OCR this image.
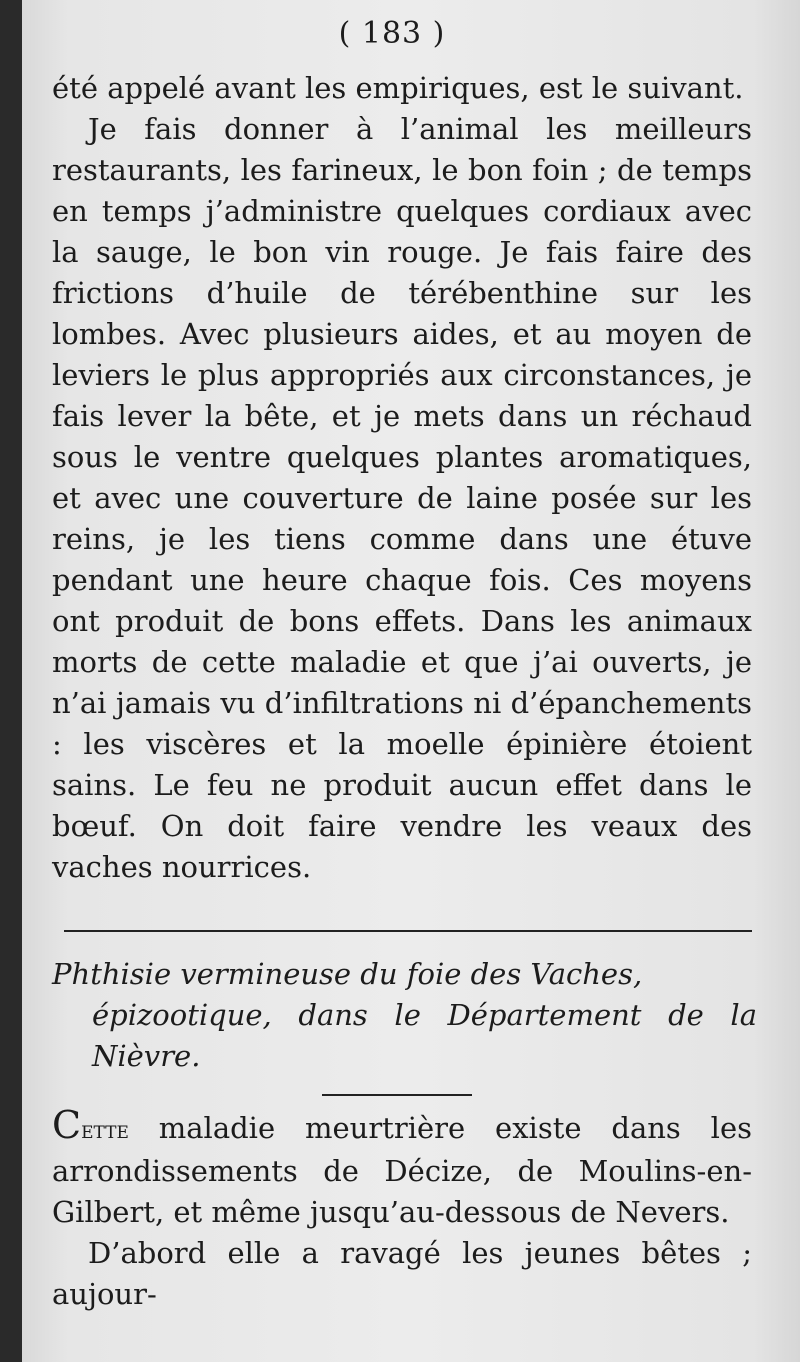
( 183 )

été appelé avant les empiriques, est le suivant.

Je fais donner à l’animal les meilleurs restaurants, les farineux, le bon foin ; de temps en temps j’administre quelques cordiaux avec la sauge, le bon vin rouge. Je fais faire des frictions d’huile de térébenthine sur les lombes. Avec plusieurs aides, et au moyen de leviers le plus appropriés aux circonstances, je fais lever la bête, et je mets dans un réchaud sous le ventre quelques plantes aromatiques, et avec une couverture de laine posée sur les reins, je les tiens comme dans une étuve pendant une heure chaque fois. Ces moyens ont produit de bons effets. Dans les animaux morts de cette maladie et que j’ai ouverts, je n’ai jamais vu d’infiltrations ni d’épanchements : les viscères et la moelle épinière étoient sains. Le feu ne produit aucun effet dans le bœuf. On doit faire vendre les veaux des vaches nourrices.

Phthisie vermineuse du foie des Vaches,
épizootique, dans le Département de la Nièvre.

Cette maladie meurtrière existe dans les arrondissements de Décize, de Moulins-en-Gilbert, et même jusqu’au-dessous de Nevers.

D’abord elle a ravagé les jeunes bêtes ; aujour-
